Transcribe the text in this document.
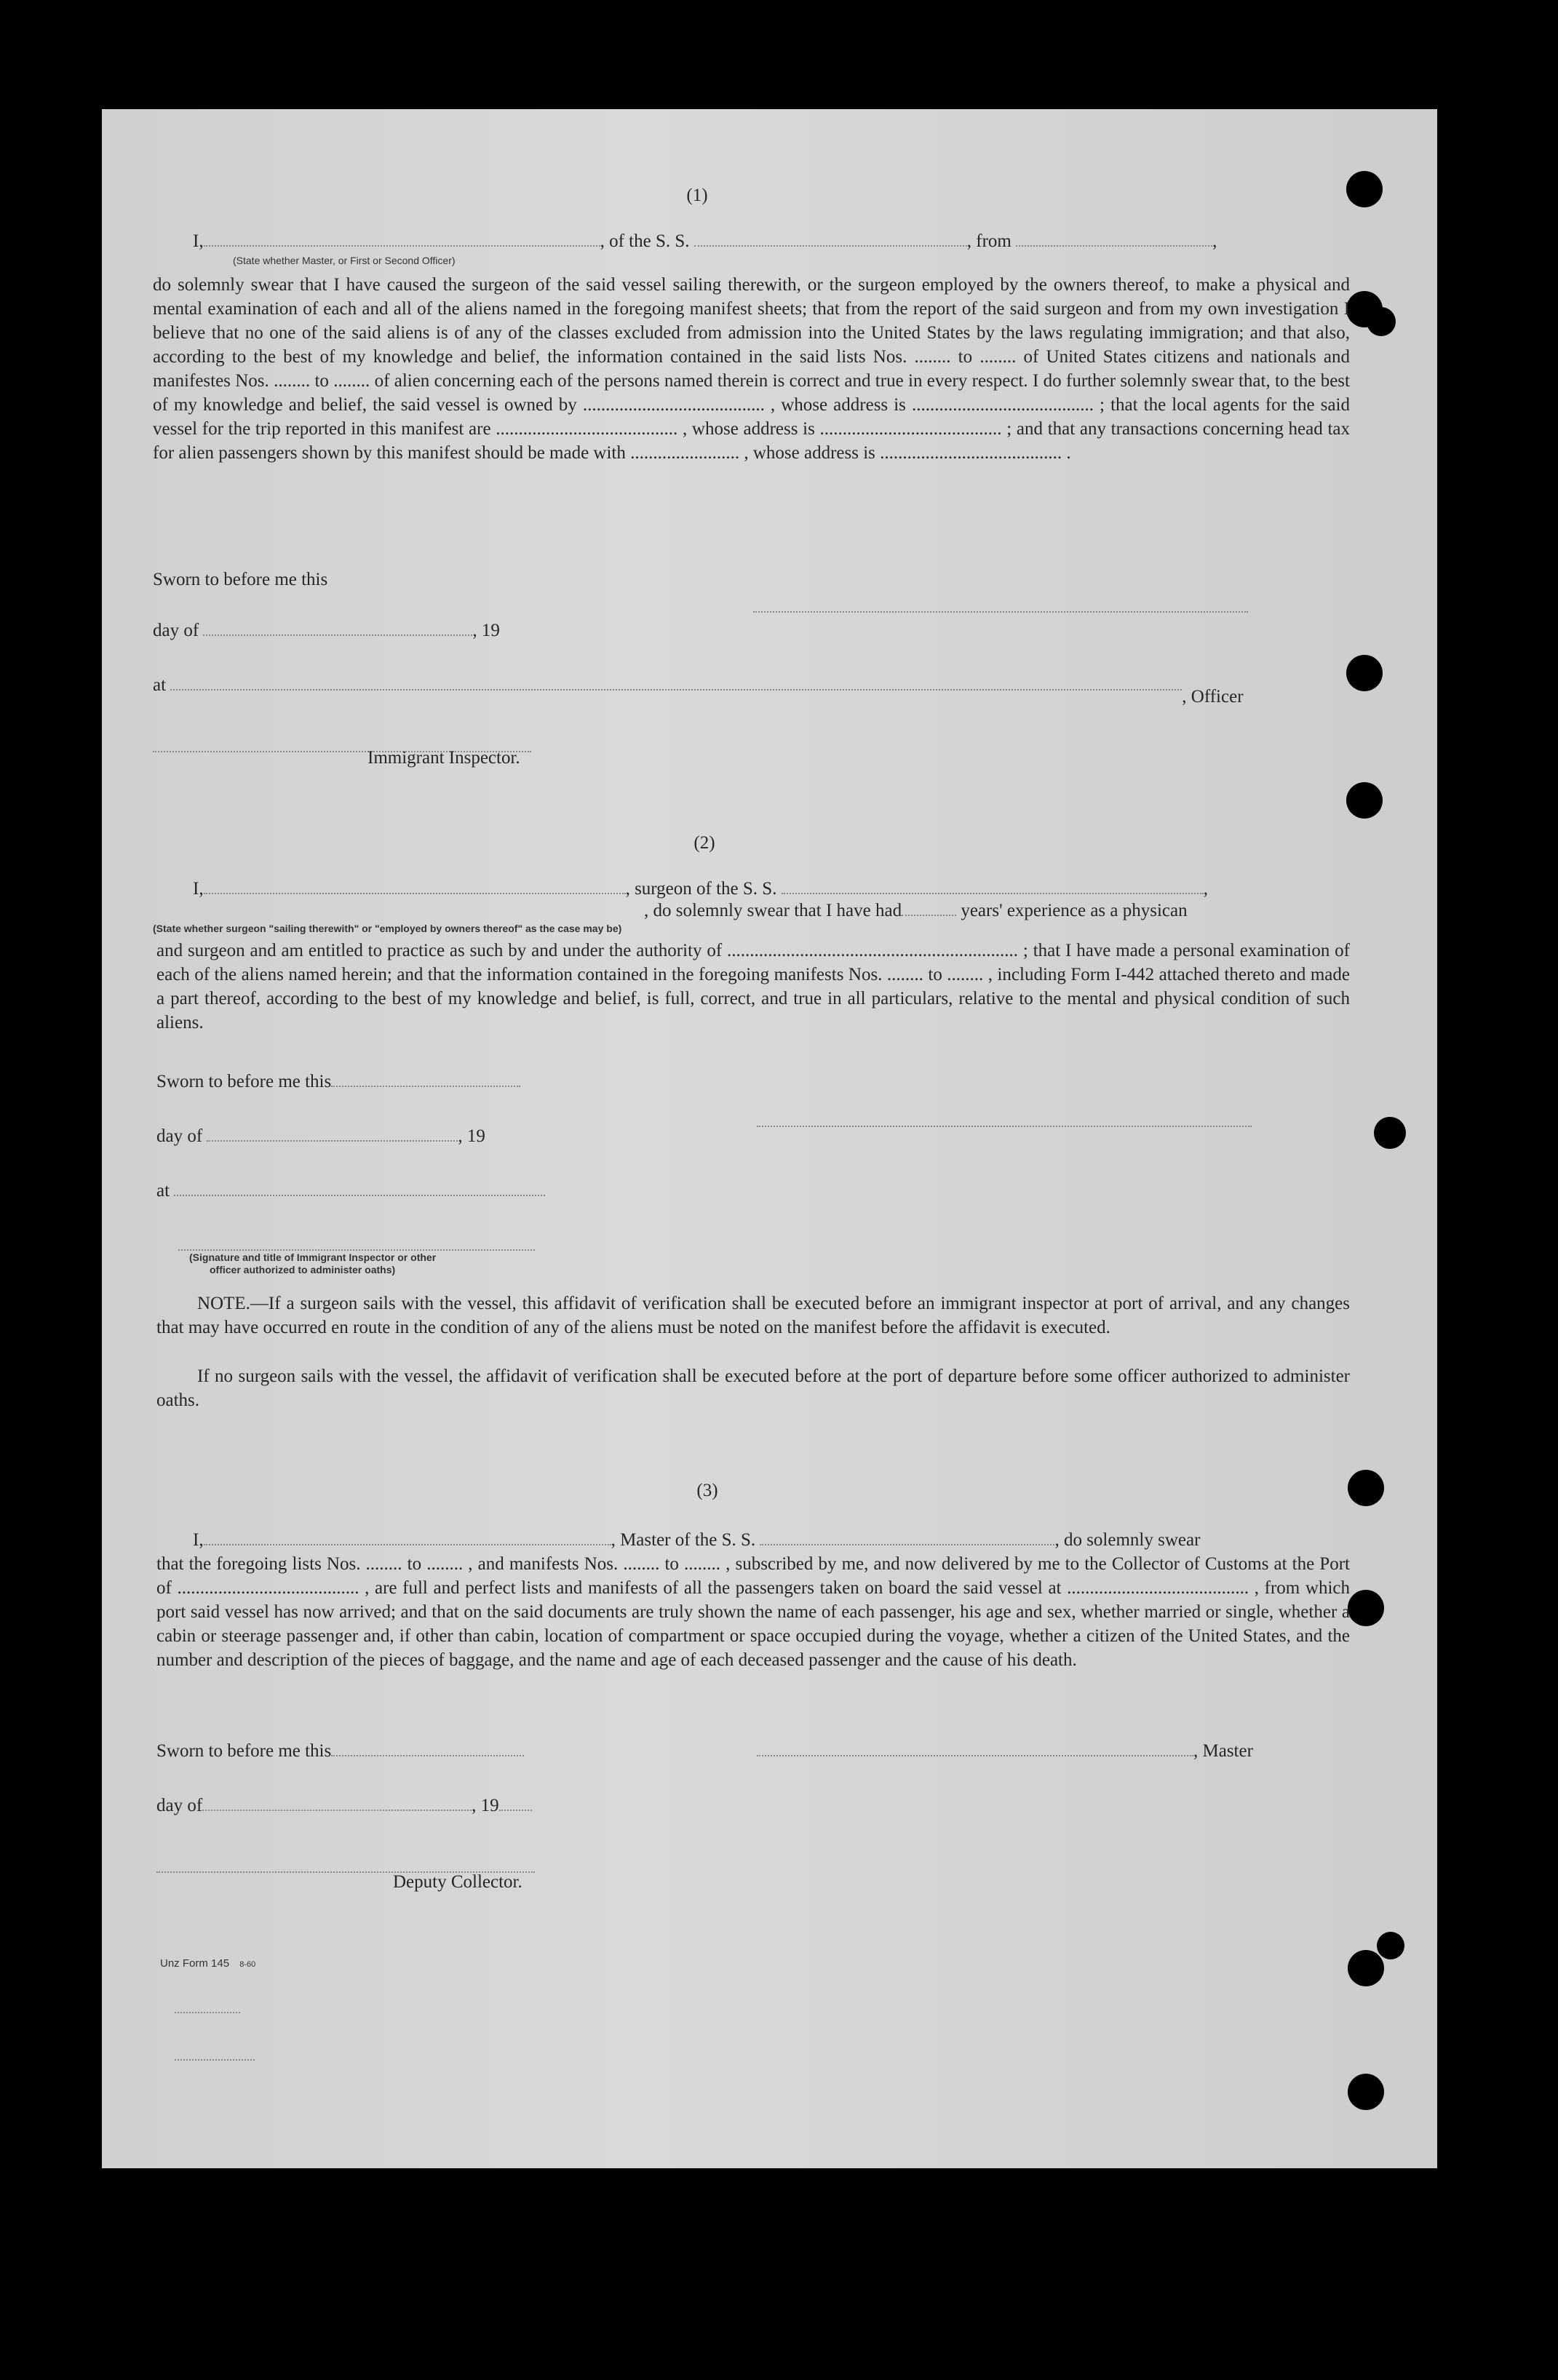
(1)
I,	, of the S. S.	, from	,
(State whether Master, or First or Second Officer)
do solemnly swear that I have caused the surgeon of the said vessel sailing therewith, or the surgeon employed by the owners thereof, to make a physical and mental examination of each and all of the aliens named in the foregoing manifest sheets; that from the report of the said surgeon and from my own investigation I believe that no one of the said aliens is of any of the classes excluded from admission into the United States by the laws regulating immigration; and that also, according to the best of my knowledge and belief, the information contained in the said lists Nos. ........ to ........ of United States citizens and nationals and manifestes Nos. ........ to ........ of alien concerning each of the persons named therein is correct and true in every respect. I do further solemnly swear that, to the best of my knowledge and belief, the said vessel is owned by ........................................ , whose address is ........................................ ; that the local agents for the said vessel for the trip reported in this manifest are ........................................ , whose address is ........................................ ; and that any transactions concerning head tax for alien passengers shown by this manifest should be made with ........................ , whose address is ........................................ .
Sworn to before me this
day of	, 19
at , Officer
Immigrant Inspector.
(2)
I,	, surgeon of the S. S.	,
, do solemnly swear that I have had	years' experience as a physican
(State whether surgeon "sailing therewith" or "employed by owners thereof" as the case may be)
and surgeon and am entitled to practice as such by and under the authority of ................................................................ ; that I have made a personal examination of each of the aliens named herein; and that the information contained in the foregoing manifests Nos. ........ to ........ , including Form I-442 attached thereto and made a part thereof, according to the best of my knowledge and belief, is full, correct, and true in all particulars, relative to the mental and physical condition of such aliens.
Sworn to before me this
day of	, 19
at
(Signature and title of Immigrant Inspector or other
officer authorized to administer oaths)
NOTE.—If a surgeon sails with the vessel, this affidavit of verification shall be executed before an immigrant inspector at port of arrival, and any changes that may have occurred en route in the condition of any of the aliens must be noted on the manifest before the affidavit is executed.
If no surgeon sails with the vessel, the affidavit of verification shall be executed before at the port of departure before some officer authorized to administer oaths.
(3)
I,	, Master of the S. S.	, do solemnly swear
that the foregoing lists Nos. ........ to ........ , and manifests Nos. ........ to ........ , subscribed by me, and now delivered by me to the Collector of Customs at the Port of ........................................ , are full and perfect lists and manifests of all the passengers taken on board the said vessel at ........................................ , from which port said vessel has now arrived; and that on the said documents are truly shown the name of each passenger, his age and sex, whether married or single, whether a cabin or steerage passenger and, if other than cabin, location of compartment or space occupied during the voyage, whether a citizen of the United States, and the number and description of the pieces of baggage, and the name and age of each deceased passenger and the cause of his death.
Sworn to before me this	, Master
day of	, 19
Deputy Collector.
Unz Form 145 8-60
